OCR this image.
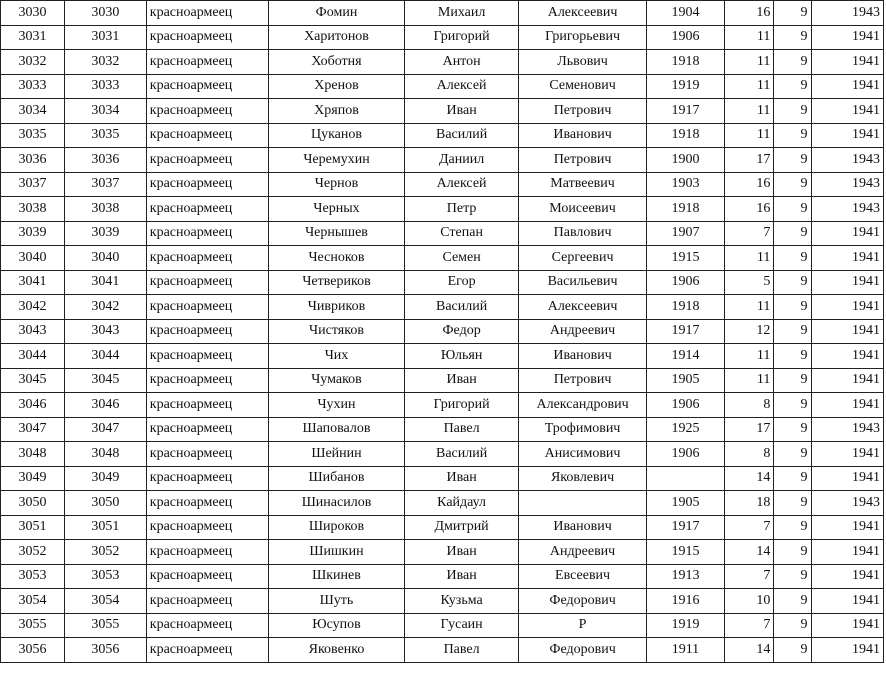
3030	3030	красноармеец	Фомин	Михаил	Алексеевич	1904	16	9	1943
3031	3031	красноармеец	Харитонов	Григорий	Григорьевич	1906	11	9	1941
3032	3032	красноармеец	Хоботня	Антон	Львович	1918	11	9	1941
3033	3033	красноармеец	Хренов	Алексей	Семенович	1919	11	9	1941
3034	3034	красноармеец	Хряпов	Иван	Петрович	1917	11	9	1941
3035	3035	красноармеец	Цуканов	Василий	Иванович	1918	11	9	1941
3036	3036	красноармеец	Черемухин	Даниил	Петрович	1900	17	9	1943
3037	3037	красноармеец	Чернов	Алексей	Матвеевич	1903	16	9	1943
3038	3038	красноармеец	Черных	Петр	Моисеевич	1918	16	9	1943
3039	3039	красноармеец	Чернышев	Степан	Павлович	1907	7	9	1941
3040	3040	красноармеец	Чесноков	Семен	Сергеевич	1915	11	9	1941
3041	3041	красноармеец	Четвериков	Егор	Васильевич	1906	5	9	1941
3042	3042	красноармеец	Чивриков	Василий	Алексеевич	1918	11	9	1941
3043	3043	красноармеец	Чистяков	Федор	Андреевич	1917	12	9	1941
3044	3044	красноармеец	Чих	Юльян	Иванович	1914	11	9	1941
3045	3045	красноармеец	Чумаков	Иван	Петрович	1905	11	9	1941
3046	3046	красноармеец	Чухин	Григорий	Александрович	1906	8	9	1941
3047	3047	красноармеец	Шаповалов	Павел	Трофимович	1925	17	9	1943
3048	3048	красноармеец	Шейнин	Василий	Анисимович	1906	8	9	1941
3049	3049	красноармеец	Шибанов	Иван	Яковлевич		14	9	1941
3050	3050	красноармеец	Шинасилов	Кайдаул		1905	18	9	1943
3051	3051	красноармеец	Широков	Дмитрий	Иванович	1917	7	9	1941
3052	3052	красноармеец	Шишкин	Иван	Андреевич	1915	14	9	1941
3053	3053	красноармеец	Шкинев	Иван	Евсеевич	1913	7	9	1941
3054	3054	красноармеец	Шуть	Кузьма	Федорович	1916	10	9	1941
3055	3055	красноармеец	Юсупов	Гусаин	Р	1919	7	9	1941
3056	3056	красноармеец	Яковенко	Павел	Федорович	1911	14	9	1941
